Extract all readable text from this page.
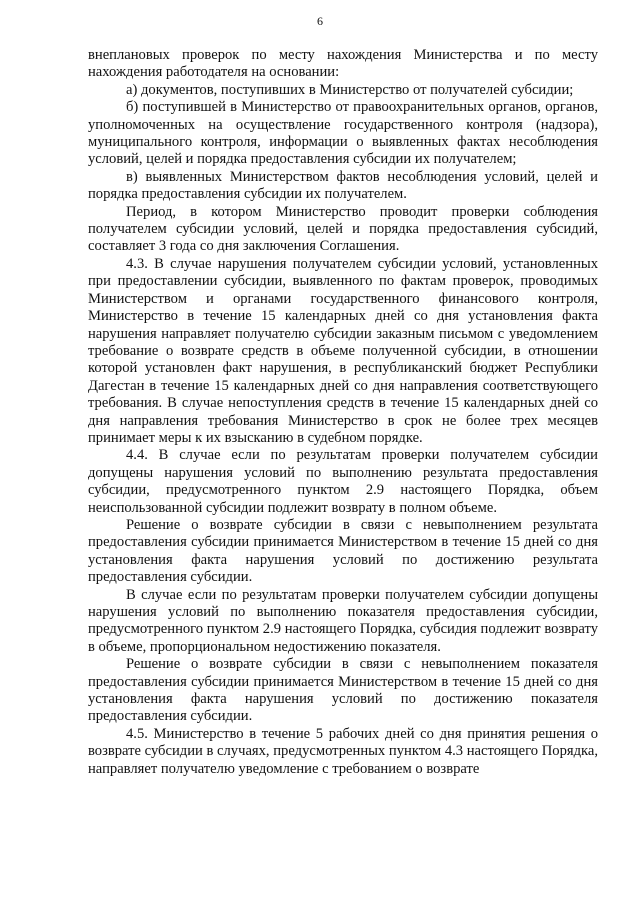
6

внеплановых проверок по месту нахождения Министерства и по месту нахождения работодателя на основании:

а) документов, поступивших в Министерство от получателей субсидии;

б) поступившей в Министерство от правоохранительных органов, органов, уполномоченных на осуществление государственного контроля (надзора), муниципального контроля, информации о выявленных фактах несоблюдения условий, целей и порядка предоставления субсидии их получателем;

в) выявленных Министерством фактов несоблюдения условий, целей и порядка предоставления субсидии их получателем.

Период, в котором Министерство проводит проверки соблюдения получателем субсидии условий, целей и порядка предоставления субсидий, составляет 3 года со дня заключения Соглашения.

4.3. В случае нарушения получателем субсидии условий, установленных при предоставлении субсидии, выявленного по фактам проверок, проводимых Министерством и органами государственного финансового контроля, Министерство в течение 15 календарных дней со дня установления факта нарушения направляет получателю субсидии заказным письмом с уведомлением требование о возврате средств в объеме полученной субсидии, в отношении которой установлен факт нарушения, в республиканский бюджет Республики Дагестан в течение 15 календарных дней со дня направления соответствующего требования. В случае непоступления средств в течение 15 календарных дней со дня направления требования Министерство в срок не более трех месяцев принимает меры к их взысканию в судебном порядке.

4.4. В случае если по результатам проверки получателем субсидии допущены нарушения условий по выполнению результата предоставления субсидии, предусмотренного пунктом 2.9 настоящего Порядка, объем неиспользованной субсидии подлежит возврату в полном объеме.

Решение о возврате субсидии в связи с невыполнением результата предоставления субсидии принимается Министерством в течение 15 дней со дня установления факта нарушения условий по достижению результата предоставления субсидии.

В случае если по результатам проверки получателем субсидии допущены нарушения условий по выполнению показателя предоставления субсидии, предусмотренного пунктом 2.9 настоящего Порядка, субсидия подлежит возврату в объеме, пропорциональном недостижению показателя.

Решение о возврате субсидии в связи с невыполнением показателя предоставления субсидии принимается Министерством в течение 15 дней со дня установления факта нарушения условий по достижению показателя предоставления субсидии.

4.5. Министерство в течение 5 рабочих дней со дня принятия решения о возврате субсидии в случаях, предусмотренных пунктом 4.3 настоящего Порядка, направляет получателю уведомление с требованием о возврате
